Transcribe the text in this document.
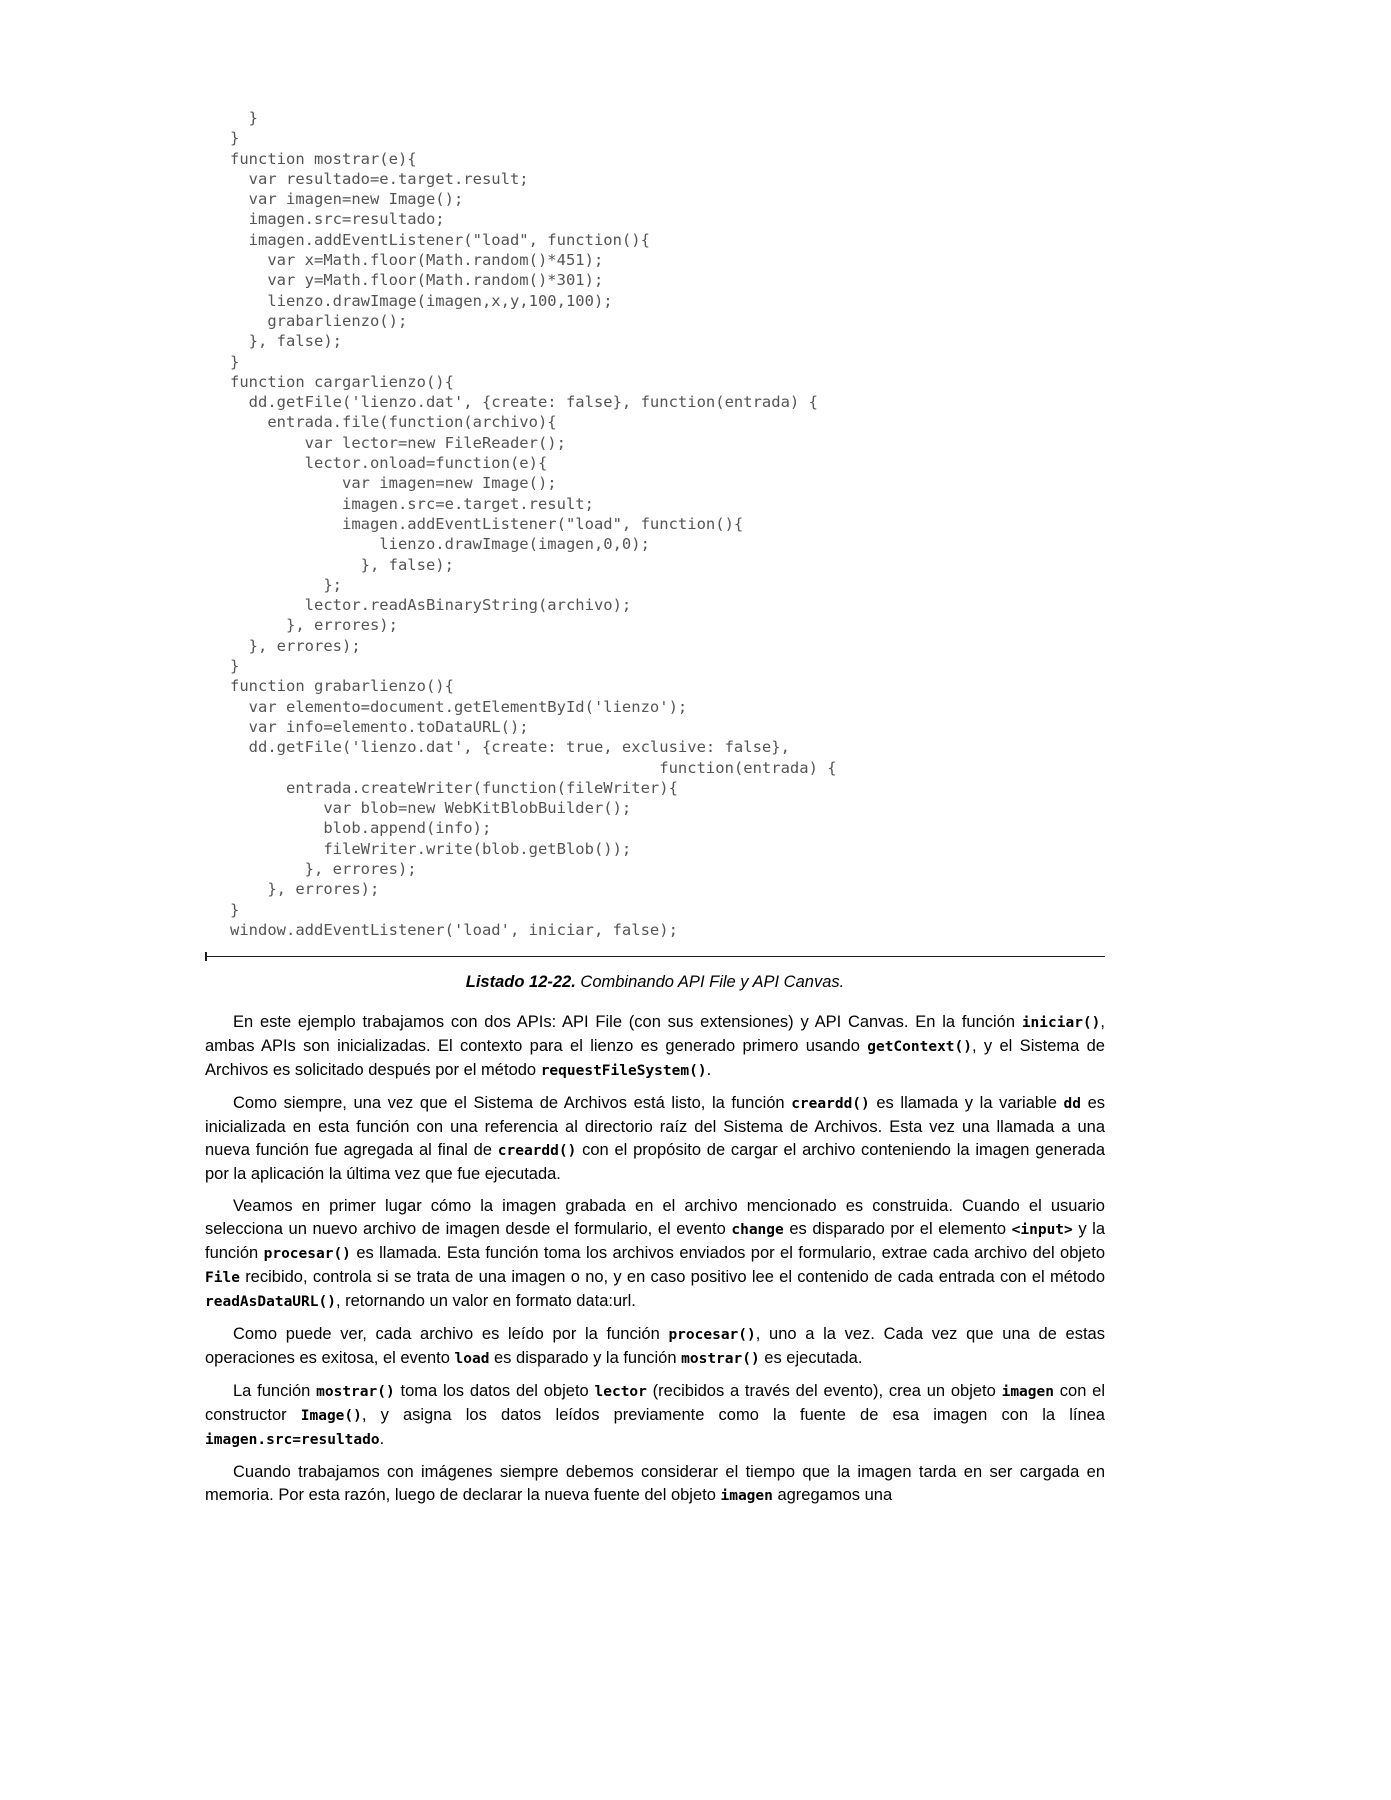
}
}
function mostrar(e){
var resultado=e.target.result;
var imagen=new Image();
imagen.src=resultado;
imagen.addEventListener("load", function(){
var x=Math.floor(Math.random()*451);
var y=Math.floor(Math.random()*301);
lienzo.drawImage(imagen,x,y,100,100);
grabarlienzo();
}, false);
}
function cargarlienzo(){
dd.getFile('lienzo.dat', {create: false}, function(entrada) {
entrada.file(function(archivo){
var lector=new FileReader();
lector.onload=function(e){
var imagen=new Image();
imagen.src=e.target.result;
imagen.addEventListener("load", function(){
lienzo.drawImage(imagen,0,0);
}, false);
};
lector.readAsBinaryString(archivo);
}, errores);
}, errores);
}
function grabarlienzo(){
var elemento=document.getElementById('lienzo');
var info=elemento.toDataURL();
dd.getFile('lienzo.dat', {create: true, exclusive: false},
function(entrada) {
entrada.createWriter(function(fileWriter){
var blob=new WebKitBlobBuilder();
blob.append(info);
fileWriter.write(blob.getBlob());
}, errores);
}, errores);
}
window.addEventListener('load', iniciar, false);

Listado 12-22. Combinando API File y API Canvas.

En este ejemplo trabajamos con dos APIs: API File (con sus extensiones) y API Canvas. En la función iniciar(), ambas APIs son inicializadas. El contexto para el lienzo es generado primero usando getContext(), y el Sistema de Archivos es solicitado después por el método requestFileSystem().

Como siempre, una vez que el Sistema de Archivos está listo, la función creardd() es llamada y la variable dd es inicializada en esta función con una referencia al directorio raíz del Sistema de Archivos. Esta vez una llamada a una nueva función fue agregada al final de creardd() con el propósito de cargar el archivo conteniendo la imagen generada por la aplicación la última vez que fue ejecutada.

Veamos en primer lugar cómo la imagen grabada en el archivo mencionado es construida. Cuando el usuario selecciona un nuevo archivo de imagen desde el formulario, el evento change es disparado por el elemento <input> y la función procesar() es llamada. Esta función toma los archivos enviados por el formulario, extrae cada archivo del objeto File recibido, controla si se trata de una imagen o no, y en caso positivo lee el contenido de cada entrada con el método readAsDataURL(), retornando un valor en formato data:url.

Como puede ver, cada archivo es leído por la función procesar(), uno a la vez. Cada vez que una de estas operaciones es exitosa, el evento load es disparado y la función mostrar() es ejecutada.

La función mostrar() toma los datos del objeto lector (recibidos a través del evento), crea un objeto imagen con el constructor Image(), y asigna los datos leídos previamente como la fuente de esa imagen con la línea imagen.src=resultado.

Cuando trabajamos con imágenes siempre debemos considerar el tiempo que la imagen tarda en ser cargada en memoria. Por esta razón, luego de declarar la nueva fuente del objeto imagen agregamos una
